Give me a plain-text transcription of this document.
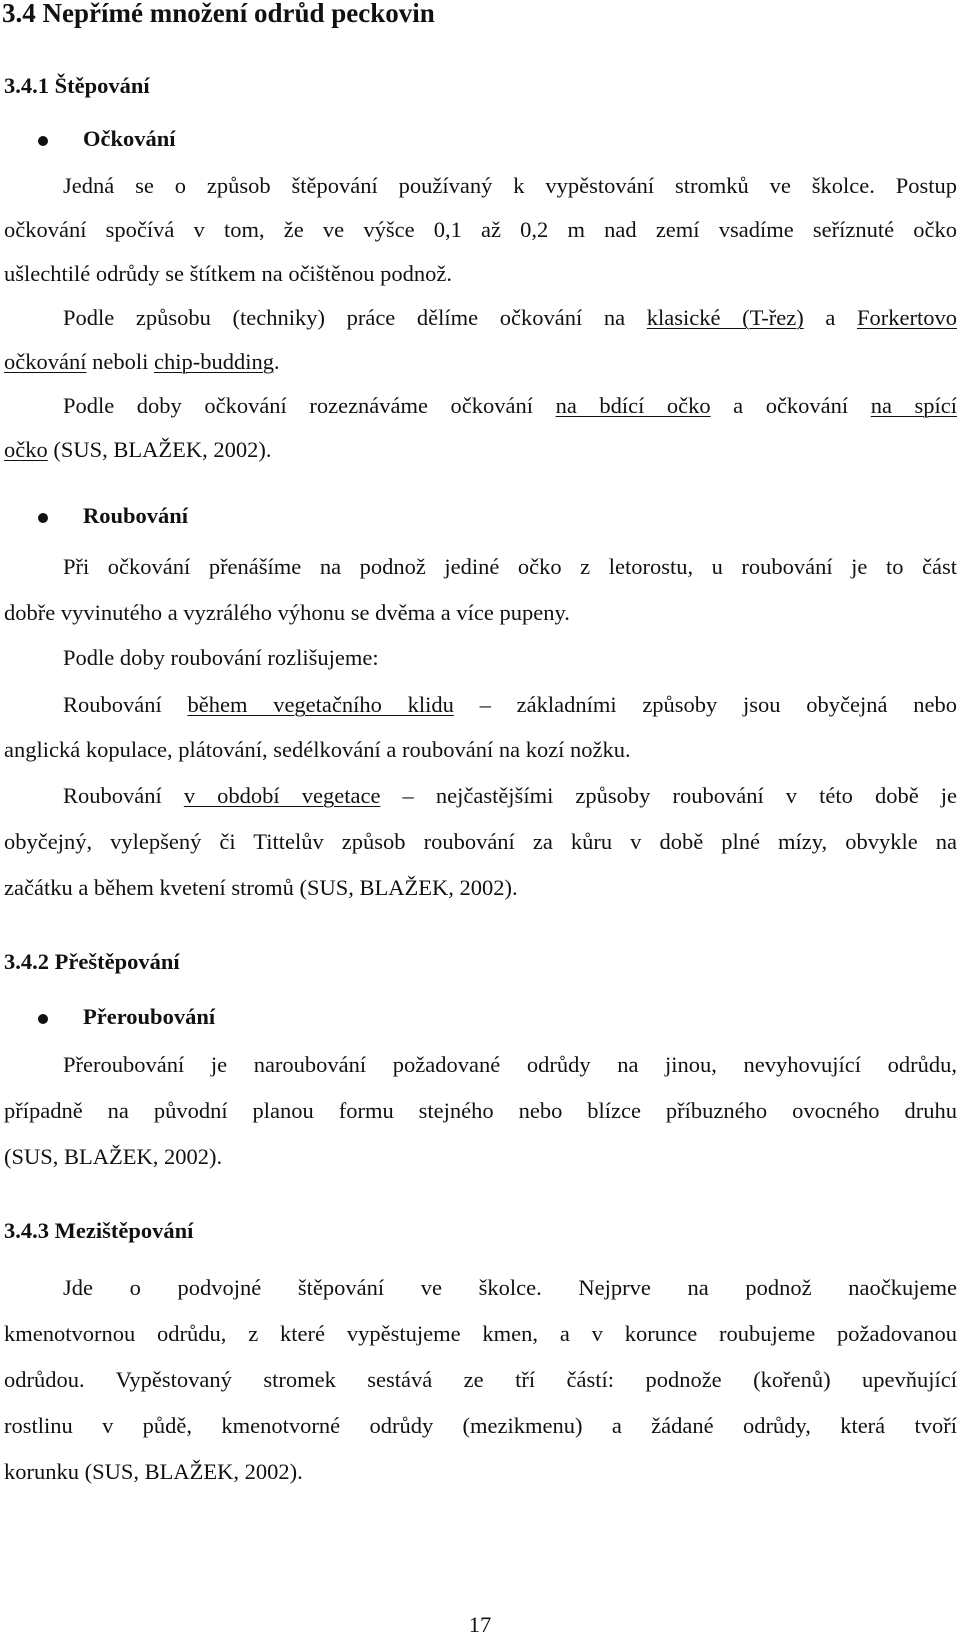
3.4 Nepřímé množení odrůd peckovin
3.4.1 Štěpování
Očkování

Jedná se o způsob štěpování používaný k vypěstování stromků ve školce. Postup

očkování spočívá v tom, že ve výšce 0,1 až 0,2 m nad zemí vsadíme seříznuté očko

ušlechtilé odrůdy se štítkem na očištěnou podnož.

Podle způsobu (techniky) práce dělíme očkování na klasické (T-řez) a Forkertovo

očkování neboli chip-budding.

Podle doby očkování rozeznáváme očkování na bdící očko a očkování na spící

očko (SUS, BLAŽEK, 2002).

Roubování

Při očkování přenášíme na podnož jediné očko z letorostu, u roubování je to část

dobře vyvinutého a vyzrálého výhonu se dvěma a více pupeny.

Podle doby roubování rozlišujeme:

Roubování během vegetačního klidu – základními způsoby jsou obyčejná nebo

anglická kopulace, plátování, sedélkování a roubování na kozí nožku.

Roubování v období vegetace – nejčastějšími způsoby roubování v této době je

obyčejný, vylepšený či Tittelův způsob roubování za kůru v době plné mízy, obvykle na

začátku a během kvetení stromů (SUS, BLAŽEK, 2002).

3.4.2 Přeštěpování
Přeroubování

Přeroubování je naroubování požadované odrůdy na jinou, nevyhovující odrůdu,

případně na původní planou formu stejného nebo blízce příbuzného ovocného druhu

(SUS, BLAŽEK, 2002).

3.4.3 Mezištěpování

Jde o podvojné štěpování ve školce. Nejprve na podnož naočkujeme

kmenotvornou odrůdu, z které vypěstujeme kmen, a v korunce roubujeme požadovanou

odrůdou. Vypěstovaný stromek sestává ze tří částí: podnože (kořenů) upevňující

rostlinu v půdě, kmenotvorné odrůdy (mezikmenu) a žádané odrůdy, která tvoří

korunku (SUS, BLAŽEK, 2002).

17
